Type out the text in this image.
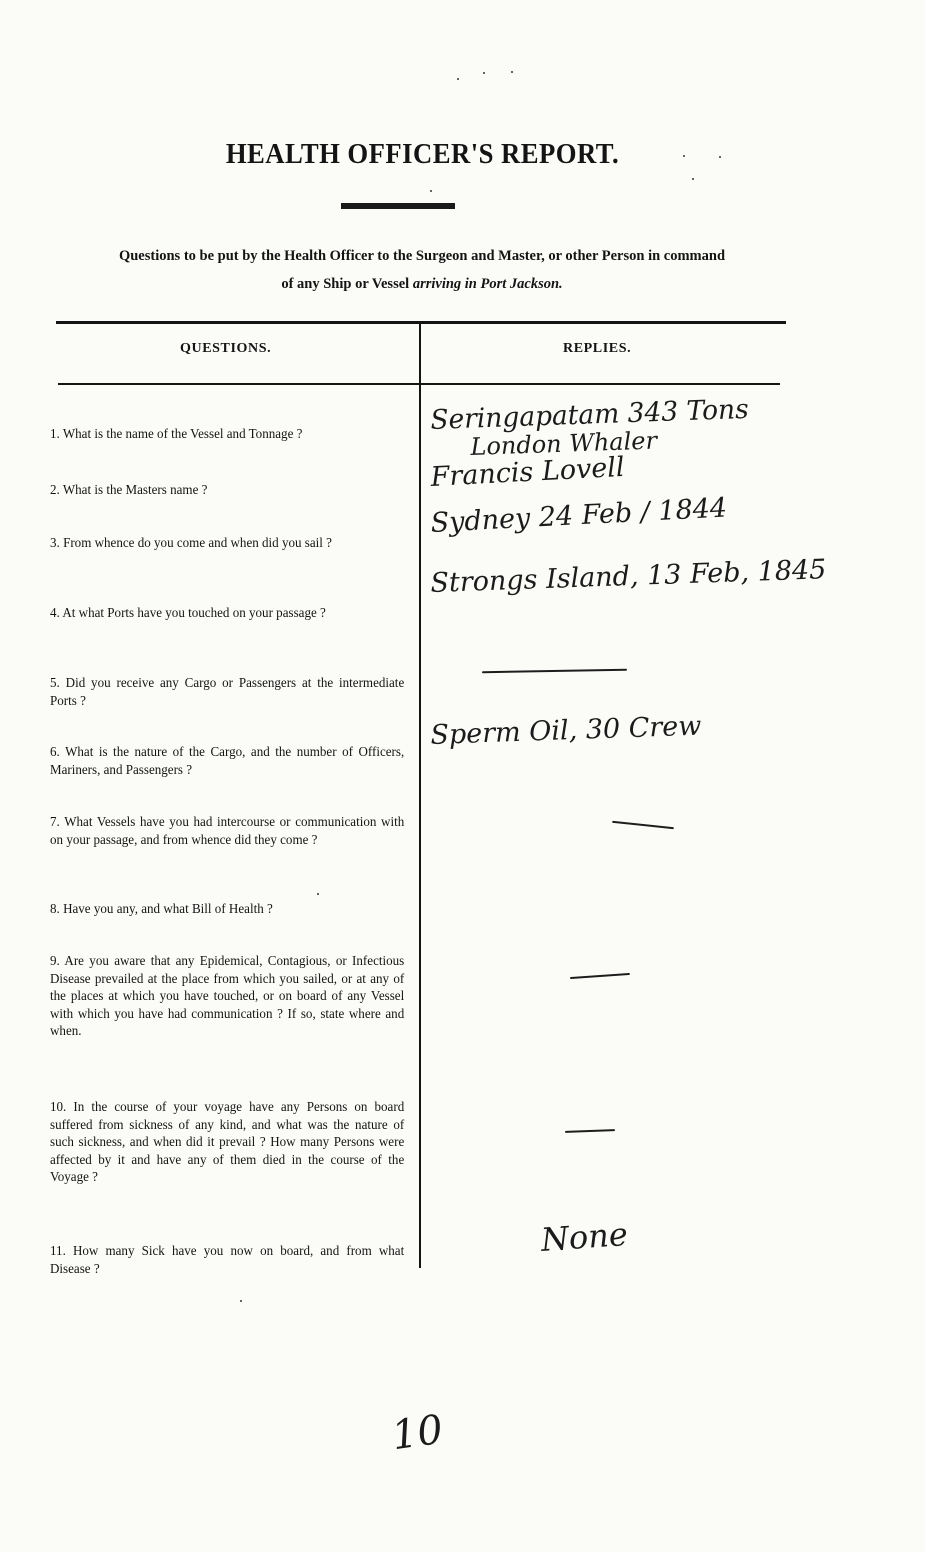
HEALTH OFFICER'S REPORT.
Questions to be put by the Health Officer to the Surgeon and Master, or other Person in command
of any Ship or Vessel arriving in Port Jackson.
QUESTIONS.	REPLIES.
1. What is the name of the Vessel and Tonnage ?
2. What is the Masters name ?
3. From whence do you come and when did you sail ?
4. At what Ports have you touched on your passage ?
5. Did you receive any Cargo or Passengers at the intermediate Ports ?
6. What is the nature of the Cargo, and the number of Officers, Mariners, and Passengers ?
7. What Vessels have you had intercourse or communication with on your passage, and from whence did they come ?
8. Have you any, and what Bill of Health ?
9. Are you aware that any Epidemical, Contagious, or Infectious Disease prevailed at the place from which you sailed, or at any of the places at which you have touched, or on board of any Vessel with which you have had communication ? If so, state where and when.
10. In the course of your voyage have any Persons on board suffered from sickness of any kind, and what was the nature of such sickness, and when did it prevail ? How many Persons were affected by it and have any of them died in the course of the Voyage ?
11. How many Sick have you now on board, and from what Disease ?
Seringapatam 343 Tons
London Whaler
Francis Lovell
Sydney 24 Feb / 1844
Strongs Island, 13 Feb, 1845
Sperm Oil, 30 Crew
None
10
